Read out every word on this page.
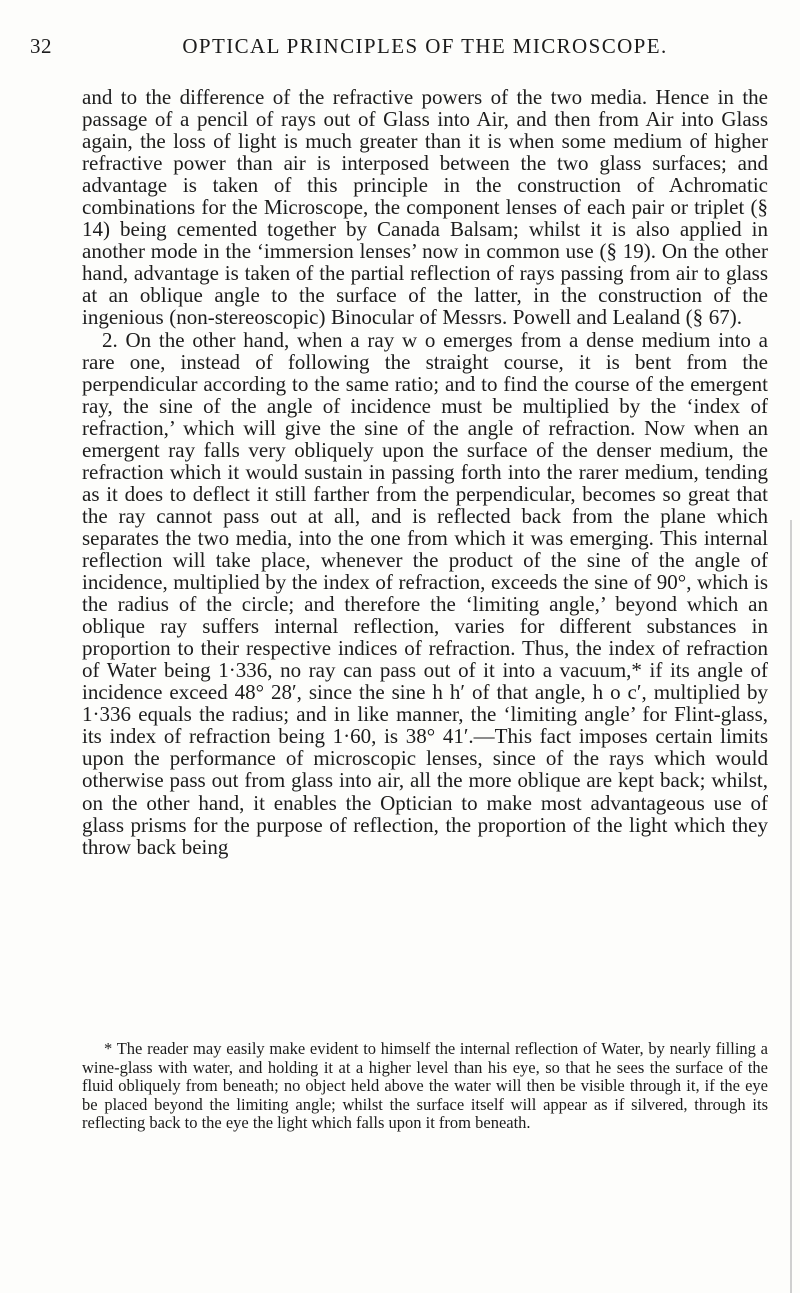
32	OPTICAL PRINCIPLES OF THE MICROSCOPE.

and to the difference of the refractive powers of the two media. Hence in the passage of a pencil of rays out of Glass into Air, and then from Air into Glass again, the loss of light is much greater than it is when some medium of higher refractive power than air is interposed between the two glass surfaces; and advantage is taken of this principle in the construction of Achromatic combinations for the Microscope, the component lenses of each pair or triplet (§ 14) being cemented together by Canada Balsam; whilst it is also applied in another mode in the ‘immersion lenses’ now in common use (§ 19). On the other hand, advantage is taken of the partial reflection of rays passing from air to glass at an oblique angle to the surface of the latter, in the construction of the ingenious (non-stereoscopic) Binocular of Messrs. Powell and Lealand (§ 67).

2. On the other hand, when a ray w o emerges from a dense medium into a rare one, instead of following the straight course, it is bent from the perpendicular according to the same ratio; and to find the course of the emergent ray, the sine of the angle of incidence must be multiplied by the ‘index of refraction,’ which will give the sine of the angle of refraction. Now when an emergent ray falls very obliquely upon the surface of the denser medium, the refraction which it would sustain in passing forth into the rarer medium, tending as it does to deflect it still farther from the perpendicular, becomes so great that the ray cannot pass out at all, and is reflected back from the plane which separates the two media, into the one from which it was emerging. This internal reflection will take place, whenever the product of the sine of the angle of incidence, multiplied by the index of refraction, exceeds the sine of 90°, which is the radius of the circle; and therefore the ‘limiting angle,’ beyond which an oblique ray suffers internal reflection, varies for different substances in proportion to their respective indices of refraction. Thus, the index of refraction of Water being 1·336, no ray can pass out of it into a vacuum,* if its angle of incidence exceed 48° 28′, since the sine h h′ of that angle, h o c′, multiplied by 1·336 equals the radius; and in like manner, the ‘limiting angle’ for Flint-glass, its index of refraction being 1·60, is 38° 41′.—This fact imposes certain limits upon the performance of microscopic lenses, since of the rays which would otherwise pass out from glass into air, all the more oblique are kept back; whilst, on the other hand, it enables the Optician to make most advantageous use of glass prisms for the purpose of reflection, the proportion of the light which they throw back being

* The reader may easily make evident to himself the internal reflection of Water, by nearly filling a wine-glass with water, and holding it at a higher level than his eye, so that he sees the surface of the fluid obliquely from beneath; no object held above the water will then be visible through it, if the eye be placed beyond the limiting angle; whilst the surface itself will appear as if silvered, through its reflecting back to the eye the light which falls upon it from beneath.
